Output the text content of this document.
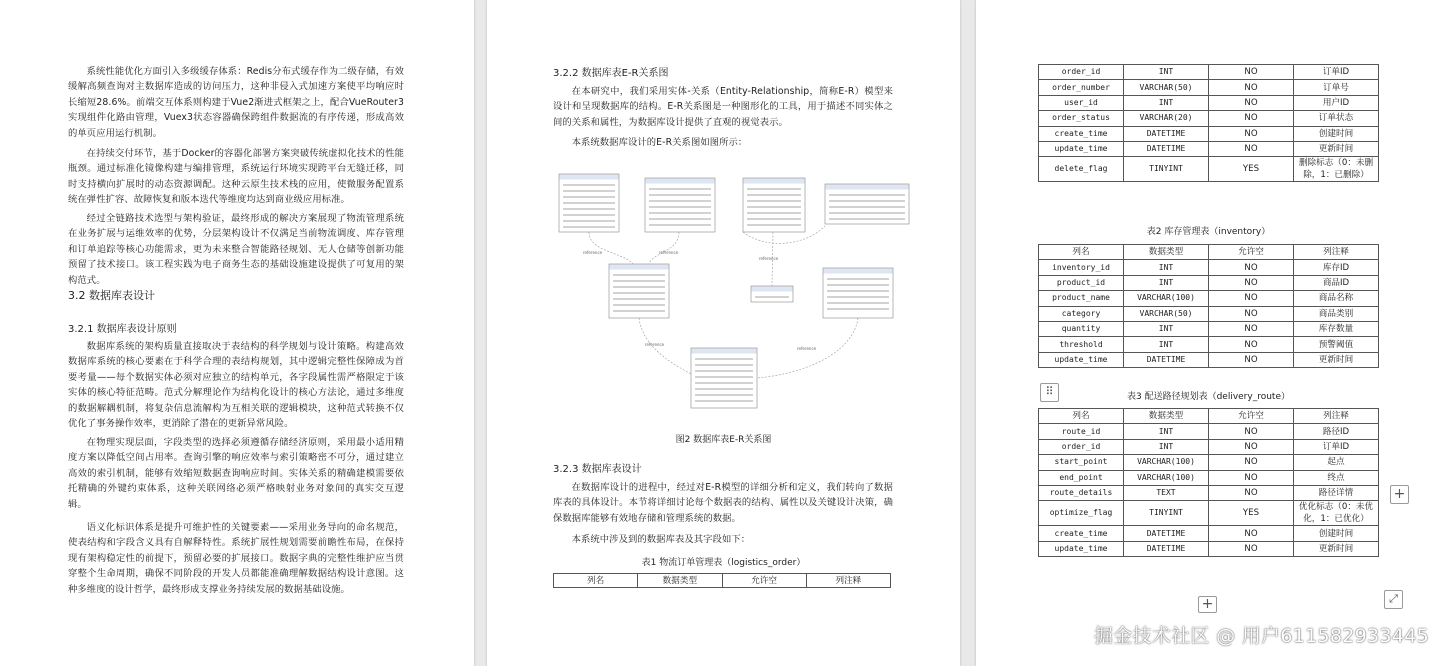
系统性能优化方面引入多级缓存体系：Redis分布式缓存作为二级存储，有效缓解高频查询对主数据库造成的访问压力，这种非侵入式加速方案使平均响应时长缩短28.6%。前端交互体系则构建于Vue2渐进式框架之上，配合VueRouter3实现组件化路由管理，Vuex3状态容器确保跨组件数据流的有序传递，形成高效的单页应用运行机制。

在持续交付环节，基于Docker的容器化部署方案突破传统虚拟化技术的性能瓶颈。通过标准化镜像构建与编排管理，系统运行环境实现跨平台无缝迁移，同时支持横向扩展时的动态资源调配。这种云原生技术栈的应用，使微服务配置系统在弹性扩容、故障恢复和版本迭代等维度均达到商业级应用标准。

经过全链路技术选型与架构验证，最终形成的解决方案展现了物流管理系统在业务扩展与运维效率的优势，分层架构设计不仅满足当前物流调度、库存管理和订单追踪等核心功能需求，更为未来整合智能路径规划、无人仓储等创新功能预留了技术接口。该工程实践为电子商务生态的基础设施建设提供了可复用的架构范式。

3.2 数据库表设计
3.2.1 数据库表设计原则

数据库系统的架构质量直接取决于表结构的科学规划与设计策略。构建高效数据库系统的核心要素在于科学合理的表结构规划，其中逻辑完整性保障成为首要考量——每个数据实体必须对应独立的结构单元，各字段属性需严格限定于该实体的核心特征范畴。范式分解理论作为结构化设计的核心方法论，通过多维度的数据解耦机制，将复杂信息流解构为互相关联的逻辑模块，这种范式转换不仅优化了事务操作效率，更消除了潜在的更新异常风险。

在物理实现层面，字段类型的选择必须遵循存储经济原则，采用最小适用精度方案以降低空间占用率。查询引擎的响应效率与索引策略密不可分，通过建立高效的索引机制，能够有效缩短数据查询响应时间。实体关系的精确建模需要依托精确的外键约束体系，这种关联网络必须严格映射业务对象间的真实交互逻辑。

语义化标识体系是提升可维护性的关键要素——采用业务导向的命名规范，使表结构和字段含义具有自解释特性。系统扩展性规划需要前瞻性布局，在保持现有架构稳定性的前提下，预留必要的扩展接口。数据字典的完整性维护应当贯穿整个生命周期，确保不同阶段的开发人员都能准确理解数据结构设计意图。这种多维度的设计哲学，最终形成支撑业务持续发展的数据基础设施。

3.2.2 数据库表E-R关系图

在本研究中，我们采用实体-关系（Entity-Relationship，简称E-R）模型来设计和呈现数据库的结构。E-R关系图是一种图形化的工具，用于描述不同实体之间的关系和属性，为数据库设计提供了直观的视觉表示。

本系统数据库设计的E-R关系图如图所示：

reference	reference
reference
reference
reference

图2 数据库表E-R关系图

3.2.3 数据库表设计

在数据库设计的进程中，经过对E-R模型的详细分析和定义，我们转向了数据库表的具体设计。本节将详细讨论每个数据表的结构、属性以及关键设计决策，确保数据库能够有效地存储和管理系统的数据。

本系统中涉及到的数据库表及其字段如下：

表1 物流订单管理表（logistics_order）

列名	数据类型	允许空	列注释
order_id	INT	NO	订单ID
order_number	VARCHAR(50)	NO	订单号
user_id	INT	NO	用户ID
order_status	VARCHAR(20)	NO	订单状态
create_time	DATETIME	NO	创建时间
update_time	DATETIME	NO	更新时间
delete_flag	TINYINT	YES	删除标志（0：未删除，1：已删除）

表2 库存管理表（inventory）

列名	数据类型	允许空	列注释
inventory_id	INT	NO	库存ID
product_id	INT	NO	商品ID
product_name	VARCHAR(100)	NO	商品名称
category	VARCHAR(50)	NO	商品类别
quantity	INT	NO	库存数量
threshold	INT	NO	预警阈值
update_time	DATETIME	NO	更新时间

表3 配送路径规划表（delivery_route）

列名	数据类型	允许空	列注释
route_id	INT	NO	路径ID
order_id	INT	NO	订单ID
start_point	VARCHAR(100)	NO	起点
end_point	VARCHAR(100)	NO	终点
route_details	TEXT	NO	路径详情
optimize_flag	TINYINT	YES	优化标志（0：未优化，1：已优化）
create_time	DATETIME	NO	创建时间
update_time	DATETIME	NO	更新时间
+
+	⤢
⠿
掘金技术社区 @ 用户611582933445
